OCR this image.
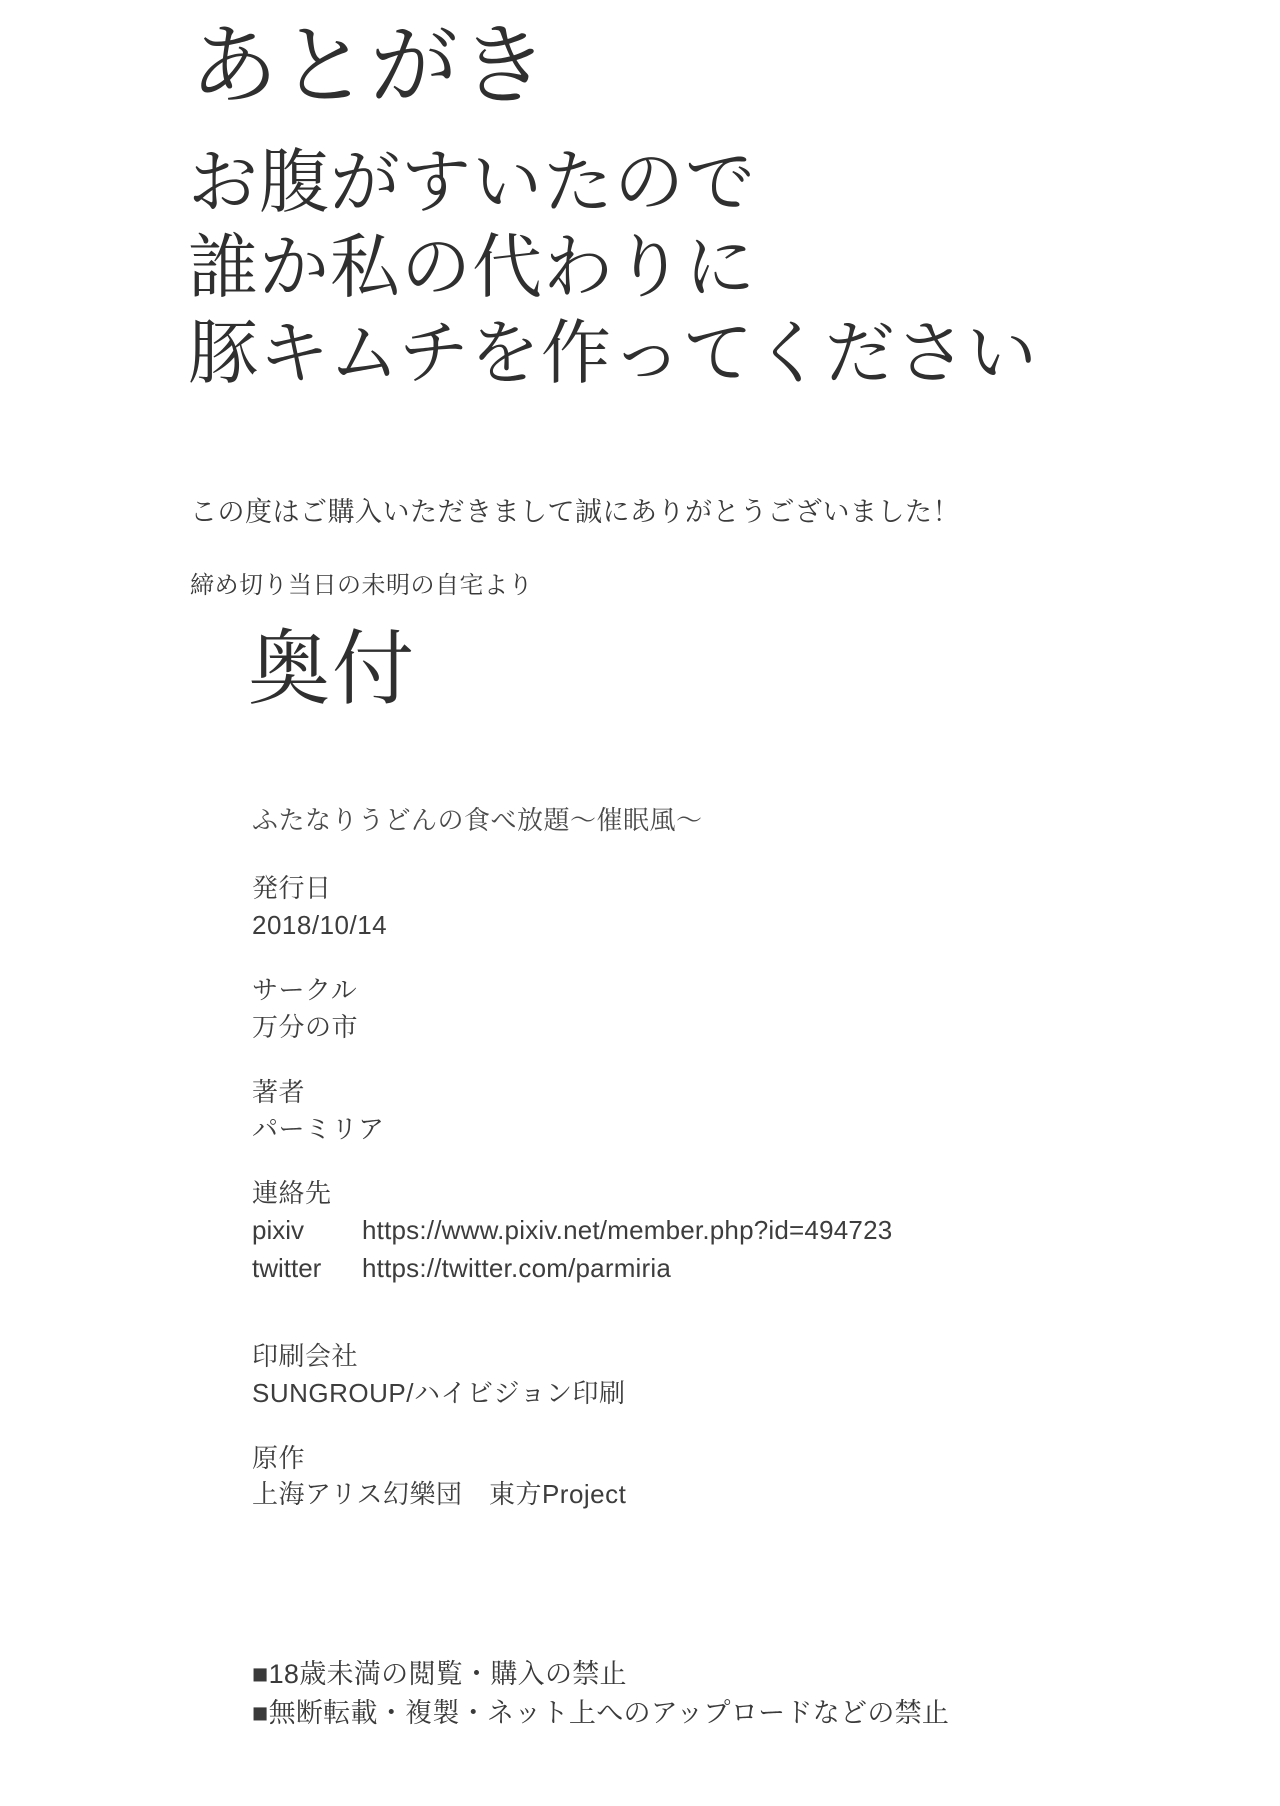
あとがき
お腹がすいたので
誰か私の代わりに
豚キムチを作ってください
この度はご購入いただきまして誠にありがとうございました！
締め切り当日の未明の自宅より
奥付
ふたなりうどんの食べ放題〜催眠風〜
発行日
2018/10/14
サークル
万分の市
著者
パーミリア
連絡先
pixiv https://www.pixiv.net/member.php?id=494723
twitter https://twitter.com/parmiria
印刷会社
SUNGROUP/ハイビジョン印刷
原作
上海アリス幻樂団　東方Project
■18歳未満の閲覧・購入の禁止
■無断転載・複製・ネット上へのアップロードなどの禁止
